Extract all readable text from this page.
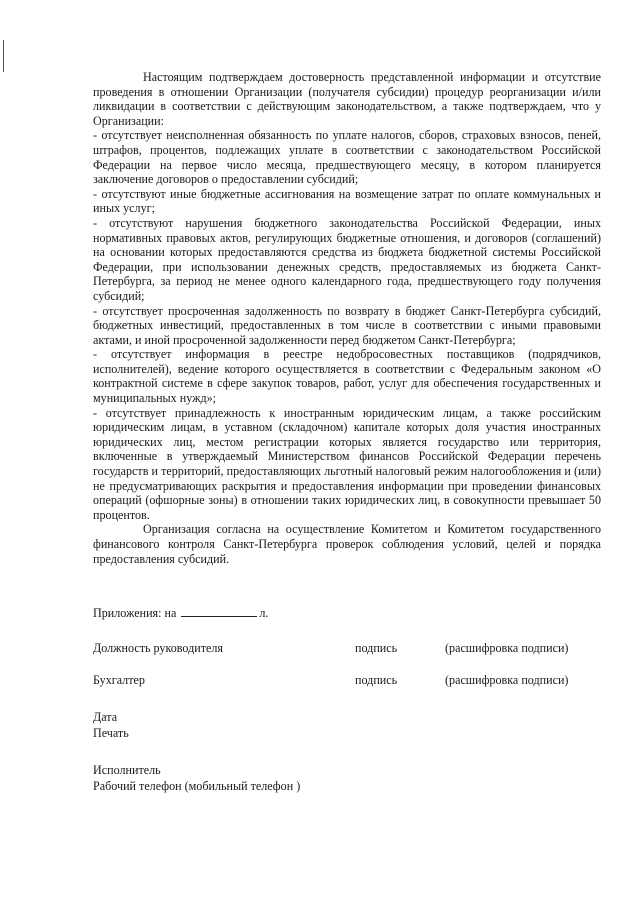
Настоящим подтверждаем достоверность представленной информации и отсутствие проведения в отношении Организации (получателя субсидии) процедур реорганизации и/или ликвидации в соответствии с действующим законодательством, а также подтверждаем, что у Организации:

- отсутствует неисполненная обязанность по уплате налогов, сборов, страховых взносов, пеней, штрафов, процентов, подлежащих уплате в соответствии с законодательством Российской Федерации на первое число месяца, предшествующего месяцу, в котором планируется заключение договоров о предоставлении субсидий;

- отсутствуют иные бюджетные ассигнования на возмещение затрат по оплате коммунальных и иных услуг;

- отсутствуют нарушения бюджетного законодательства Российской Федерации, иных нормативных правовых актов, регулирующих бюджетные отношения, и договоров (соглашений) на основании которых предоставляются средства из бюджета бюджетной системы Российской Федерации, при использовании денежных средств, предоставляемых из бюджета Санкт-Петербурга, за период не менее одного календарного года, предшествующего году получения субсидий;

- отсутствует просроченная задолженность по возврату в бюджет Санкт-Петербурга субсидий, бюджетных инвестиций, предоставленных в том числе в соответствии с иными правовыми актами, и иной просроченной задолженности перед бюджетом Санкт-Петербурга;

- отсутствует информация в реестре недобросовестных поставщиков (подрядчиков, исполнителей), ведение которого осуществляется в соответствии с Федеральным законом «О контрактной системе в сфере закупок товаров, работ, услуг для обеспечения государственных и муниципальных нужд»;

- отсутствует принадлежность к иностранным юридическим лицам, а также российским юридическим лицам, в уставном (складочном) капитале которых доля участия иностранных юридических лиц, местом регистрации которых является государство или территория, включенные в утверждаемый Министерством финансов Российской Федерации перечень государств и территорий, предоставляющих льготный налоговый режим налогообложения и (или) не предусматривающих раскрытия и предоставления информации при проведении финансовых операций (офшорные зоны) в отношении таких юридических лиц, в совокупности превышает 50 процентов.

Организация согласна на осуществление Комитетом и Комитетом государственного финансового контроля Санкт-Петербурга проверок соблюдения условий, целей и порядка предоставления субсидий.

Приложения: на	л.
Должность руководителя	подпись	(расшифровка подписи)
Бухгалтер	подпись	(расшифровка подписи)
Дата
Печать
Исполнитель
Рабочий телефон (мобильный телефон )
